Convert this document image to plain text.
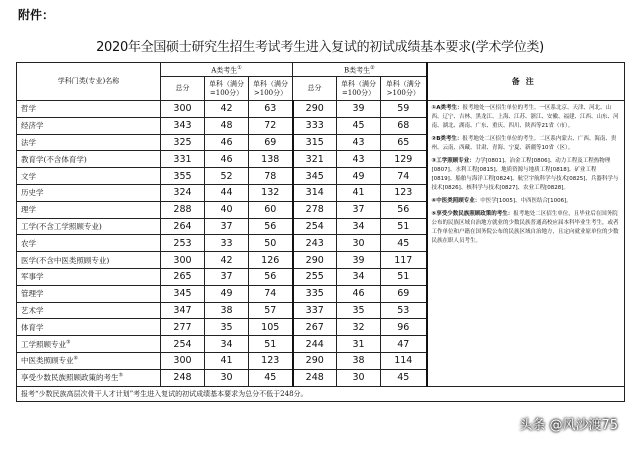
附件：
2020年全国硕士研究生招生考试考生进入复试的初试成绩基本要求(学术学位类)
学科门类(专业)名称	A类考生①			B类考生②			备注
	总分	单科（满分=100分）	单科（满分>100分）	总分	单科（满分=100分）	单科（满分>100分）	
哲学	300	42	63	290	39	59	①A类考生：报考地处一区招生单位的考生。一区系北京、天津、河北、山西、辽宁、吉林、黑龙江、上海、江苏、浙江、安徽、福建、江西、山东、河南、湖北、湖南、广东、重庆、四川、陕西等21省（市）。
②B类考生：报考地处二区招生单位的考生。二区系内蒙古、广西、海南、贵州、云南、西藏、甘肃、青海、宁夏、新疆等10省（区）。
③工学照顾专业：力学[0801]、冶金工程[0806]、动力工程及工程热物理[0807]、水利工程[0815]、地质资源与地质工程[0818]、矿业工程[0819]、船舶与海洋工程[0824]、航空宇航科学与技术[0825]、兵器科学与技术[0826]、核科学与技术[0827]、农业工程[0828]。
④中医类照顾专业：中医学[1005]、中西医结合[1006]。
⑤享受少数民族照顾政策的考生：报考地处二区招生单位，且毕业后在国务院公布的民族区域自治地方就业的少数民族普通高校应届本科毕业生考生，或者工作单位和户籍在国务院公布的民族区域自治地方，且定向就业原单位的少数民族在职人员考生。

经济学	343	48	72	333	45	68	
法学	325	46	69	315	43	65	
教育学(不含体育学)	331	46	138	321	43	129	
文学	355	52	78	345	49	74	
历史学	324	44	132	314	41	123	
理学	288	40	60	278	37	56	
工学(不含工学照顾专业)	264	37	56	254	34	51	
农学	253	33	50	243	30	45	
医学(不含中医类照顾专业)	300	42	126	290	39	117	
军事学	265	37	56	255	34	51	
管理学	345	49	74	335	46	69	
艺术学	347	38	57	337	35	53	
体育学	277	35	105	267	32	96	
工学照顾专业③	254	34	51	244	31	47	
中医类照顾专业④	300	41	123	290	38	114	
享受少数民族照顾政策的考生⑤	248	30	45	248	30	45	
报考“少数民族高层次骨干人才计划”考生进入复试的初试成绩基本要求为总分不低于248分。							
头条 @风沙渡75
